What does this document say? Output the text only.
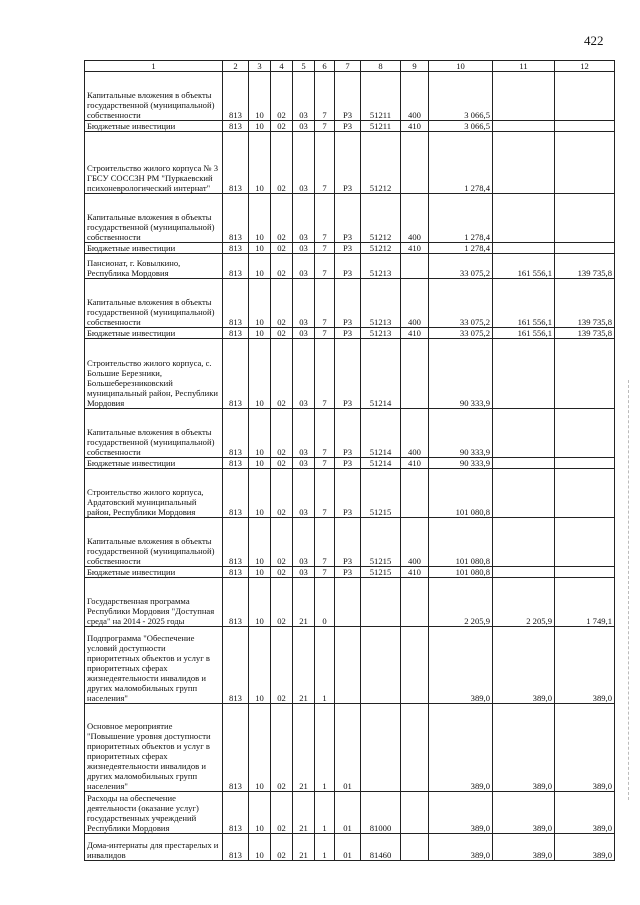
422
1	2	3	4	5	6	7	8	9	10	11	12
Капитальные вложения в объекты государственной (муниципальной) собственности	813	10	02	03	7	Р3	51211	400	3 066,5		
Бюджетные инвестиции	813	10	02	03	7	Р3	51211	410	3 066,5		
Строительство жилого корпуса № 3 ГБСУ СОССЗН РМ "Пуркаевский психоневрологический интернат"	813	10	02	03	7	Р3	51212		1 278,4		
Капитальные вложения в объекты государственной (муниципальной) собственности	813	10	02	03	7	Р3	51212	400	1 278,4		
Бюджетные инвестиции	813	10	02	03	7	Р3	51212	410	1 278,4		
Пансионат, г. Ковылкино, Республика Мордовия	813	10	02	03	7	Р3	51213		33 075,2	161 556,1	139 735,8
Капитальные вложения в объекты государственной (муниципальной) собственности	813	10	02	03	7	Р3	51213	400	33 075,2	161 556,1	139 735,8
Бюджетные инвестиции	813	10	02	03	7	Р3	51213	410	33 075,2	161 556,1	139 735,8
Строительство жилого корпуса, с. Большие Березники, Большеберезниковский муниципальный район, Республики Мордовия	813	10	02	03	7	Р3	51214		90 333,9		
Капитальные вложения в объекты государственной (муниципальной) собственности	813	10	02	03	7	Р3	51214	400	90 333,9		
Бюджетные инвестиции	813	10	02	03	7	Р3	51214	410	90 333,9		
Строительство жилого корпуса, Ардатовский муниципальный район, Республики Мордовия	813	10	02	03	7	Р3	51215		101 080,8		
Капитальные вложения в объекты государственной (муниципальной) собственности	813	10	02	03	7	Р3	51215	400	101 080,8		
Бюджетные инвестиции	813	10	02	03	7	Р3	51215	410	101 080,8		
Государственная программа Республики Мордовия "Доступная среда" на 2014 - 2025 годы	813	10	02	21	0				2 205,9	2 205,9	1 749,1
Подпрограмма "Обеспечение условий доступности приоритетных объектов и услуг в приоритетных сферах жизнедеятельности инвалидов и других маломобильных групп населения"	813	10	02	21	1				389,0	389,0	389,0
Основное мероприятие "Повышение уровня доступности приоритетных объектов и услуг в приоритетных сферах жизнедеятельности инвалидов и других маломобильных групп населения"	813	10	02	21	1	01			389,0	389,0	389,0
Расходы на обеспечение деятельности (оказание услуг) государственных учреждений Республики Мордовия	813	10	02	21	1	01	81000		389,0	389,0	389,0
Дома-интернаты для престарелых и инвалидов	813	10	02	21	1	01	81460		389,0	389,0	389,0
